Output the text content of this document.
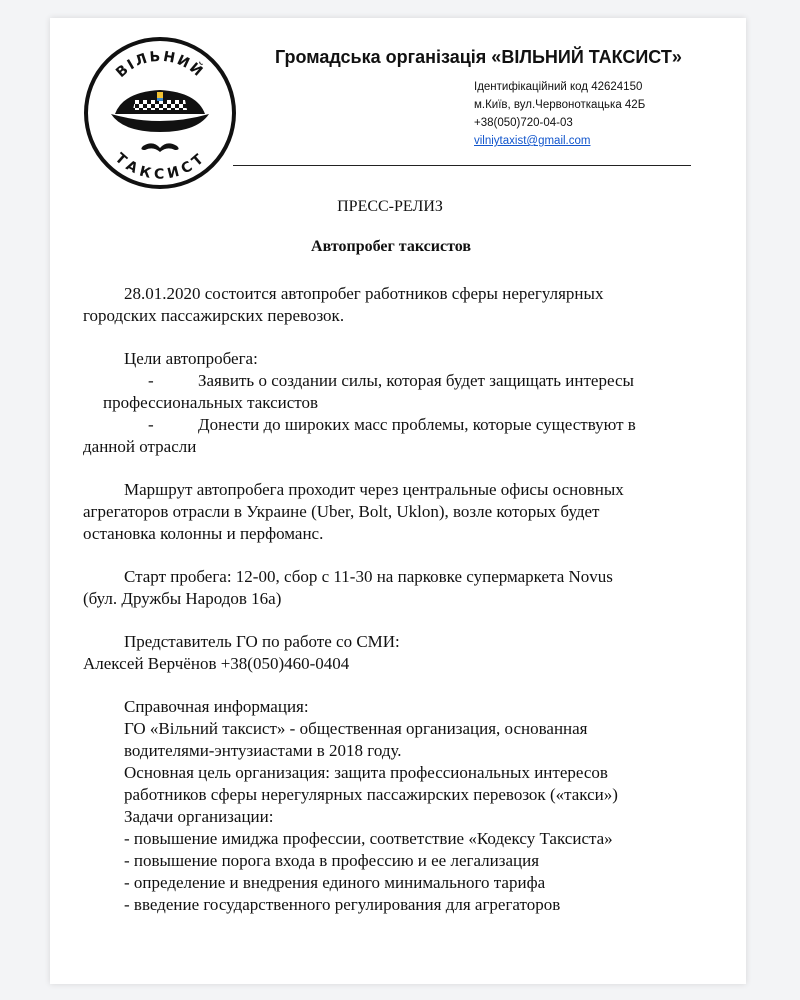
ВІЛЬНИЙ
ТАКСИСТ
Громадська організація «ВІЛЬНИЙ ТАКСИСТ»
Ідентифікаційний код 42624150
м.Київ, вул.Червоноткацька 42Б
+38(050)720-04-03
vilniytaxist@gmail.com
ПРЕСС-РЕЛИЗ
Автопробег таксистов
28.01.2020 состоится автопробег работников сферы нерегулярных
городских пассажирских перевозок.
Цели автопробега:
-	Заявить о создании силы, которая будет защищать интересы
профессиональных таксистов
-	Донести до широких масс проблемы, которые существуют в
данной отрасли
Маршрут автопробега проходит через центральные офисы основных
агрегаторов отрасли в Украине (Uber, Bolt, Uklon), возле которых будет
остановка колонны и перфоманс.
Старт пробега: 12-00, сбор с 11-30 на парковке супермаркета Novus
(бул. Дружбы Народов 16а)
Представитель ГО по работе со СМИ:
Алексей Верчёнов +38(050)460-0404
Справочная информация:
ГО «Вільний таксист» - общественная организация, основанная
водителями-энтузиастами в 2018 году.
Основная цель организация: защита профессиональных интересов
работников сферы нерегулярных пассажирских перевозок («такси»)
Задачи организации:
- повышение имиджа профессии, соответствие «Кодексу Таксиста»
- повышение порога входа в профессию и ее легализация
- определение и внедрения единого минимального тарифа
- введение государственного регулирования для агрегаторов
